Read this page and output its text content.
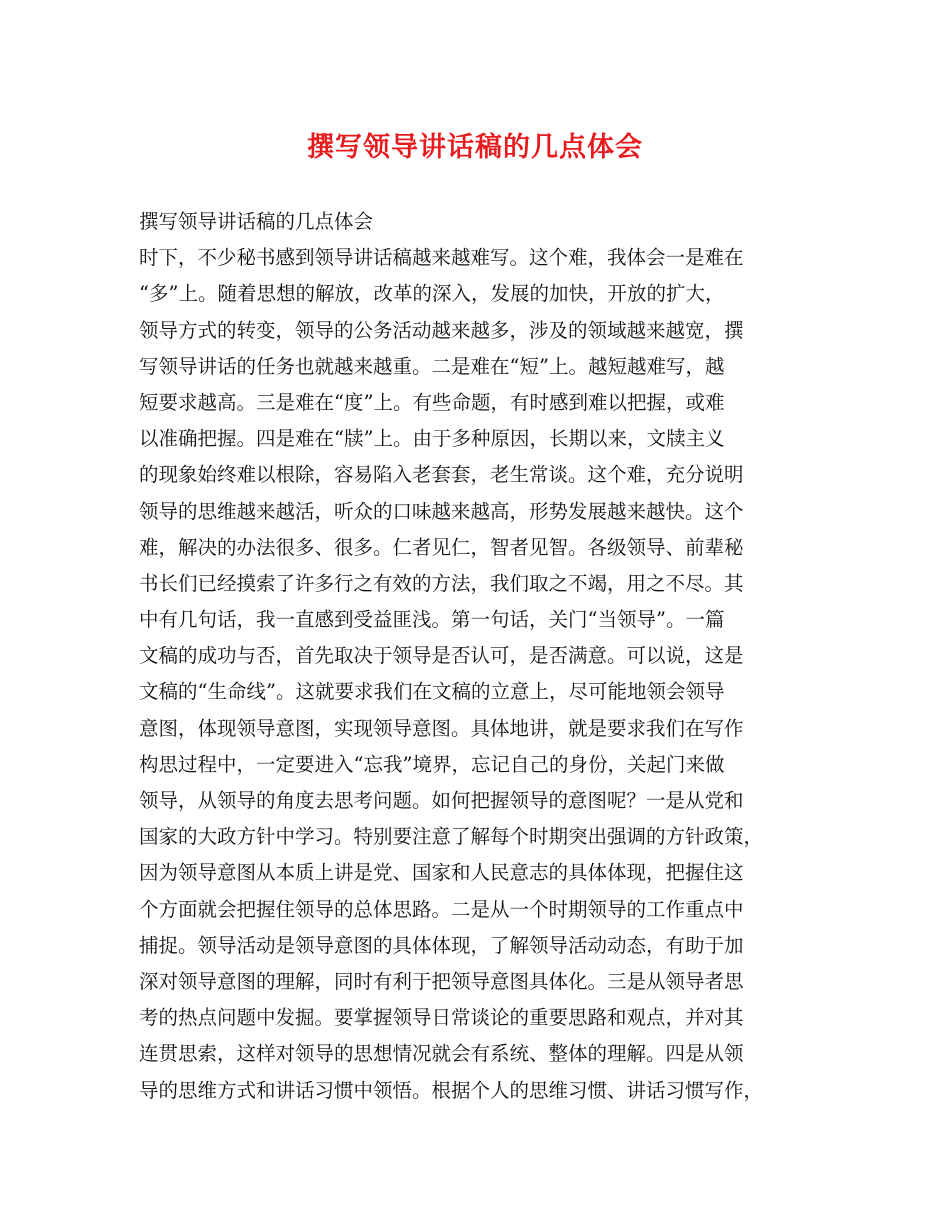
撰写领导讲话稿的几点体会
撰写领导讲话稿的几点体会
时下，不少秘书感到领导讲话稿越来越难写。这个难，我体会一是难在
“多”上。随着思想的解放，改革的深入，发展的加快，开放的扩大，
领导方式的转变，领导的公务活动越来越多，涉及的领域越来越宽，撰
写领导讲话的任务也就越来越重。二是难在“短”上。越短越难写，越
短要求越高。三是难在“度”上。有些命题，有时感到难以把握，或难
以准确把握。四是难在“牍”上。由于多种原因，长期以来，文牍主义
的现象始终难以根除，容易陷入老套套，老生常谈。这个难，充分说明
领导的思维越来越活，听众的口味越来越高，形势发展越来越快。这个
难，解决的办法很多、很多。仁者见仁，智者见智。各级领导、前辈秘
书长们已经摸索了许多行之有效的方法，我们取之不竭，用之不尽。其
中有几句话，我一直感到受益匪浅。第一句话，关门“当领导”。一篇
文稿的成功与否，首先取决于领导是否认可，是否满意。可以说，这是
文稿的“生命线”。这就要求我们在文稿的立意上，尽可能地领会领导
意图，体现领导意图，实现领导意图。具体地讲，就是要求我们在写作
构思过程中，一定要进入“忘我”境界，忘记自己的身份，关起门来做
领导，从领导的角度去思考问题。如何把握领导的意图呢？一是从党和
国家的大政方针中学习。特别要注意了解每个时期突出强调的方针政策，
因为领导意图从本质上讲是党、国家和人民意志的具体体现，把握住这
个方面就会把握住领导的总体思路。二是从一个时期领导的工作重点中
捕捉。领导活动是领导意图的具体体现，了解领导活动动态，有助于加
深对领导意图的理解，同时有利于把领导意图具体化。三是从领导者思
考的热点问题中发掘。要掌握领导日常谈论的重要思路和观点，并对其
连贯思索，这样对领导的思想情况就会有系统、整体的理解。四是从领
导的思维方式和讲话习惯中领悟。根据个人的思维习惯、讲话习惯写作，
